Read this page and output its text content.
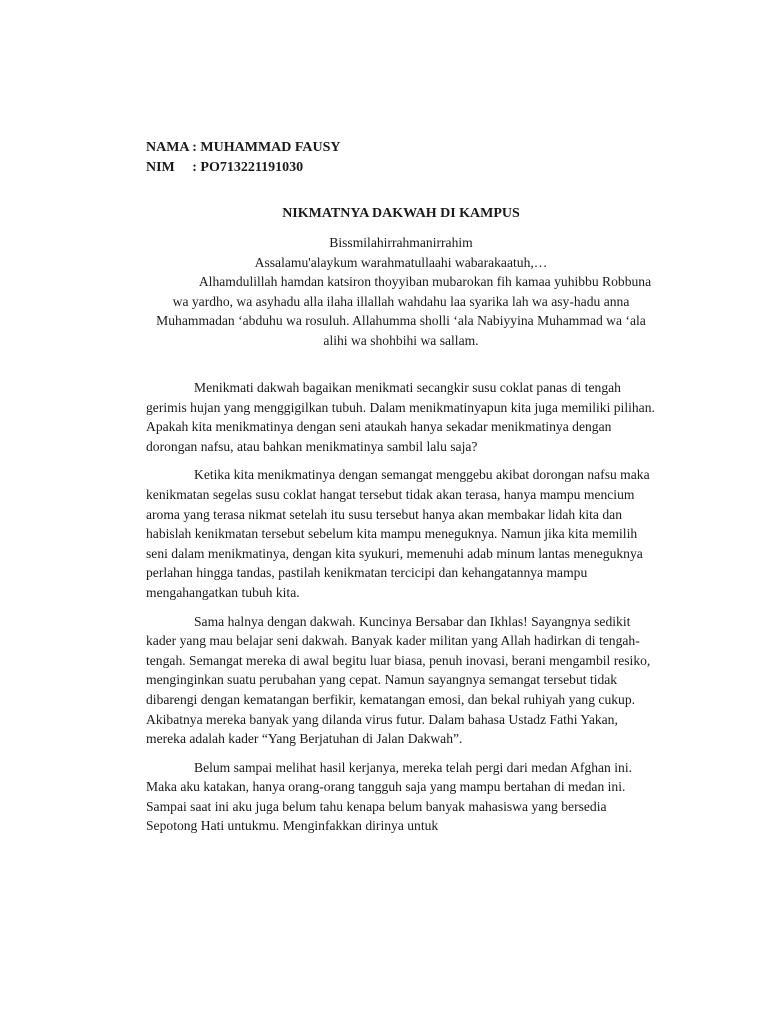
NAMA : MUHAMMAD FAUSY
NIM     : PO713221191030
NIKMATNYA DAKWAH DI KAMPUS
Bissmilahirrahmanirrahim
Assalamu'alaykum warahmatullaahi wabarakaatuh,…
Alhamdulillah hamdan katsiron thoyyiban mubarokan fih kamaa yuhibbu Robbuna wa yardho, wa asyhadu alla ilaha illallah wahdahu laa syarika lah wa asy-hadu anna Muhammadan ‘abduhu wa rosuluh. Allahumma sholli ‘ala Nabiyyina Muhammad wa ‘ala alihi wa shohbihi wa sallam.

Menikmati dakwah bagaikan menikmati secangkir susu coklat panas di tengah gerimis hujan yang menggigilkan tubuh. Dalam menikmatinyapun kita juga memiliki pilihan. Apakah kita menikmatinya dengan seni ataukah hanya sekadar menikmatinya dengan dorongan nafsu, atau bahkan menikmatinya sambil lalu saja?

Ketika kita menikmatinya dengan semangat menggebu akibat dorongan nafsu maka kenikmatan segelas susu coklat hangat tersebut tidak akan terasa, hanya mampu mencium aroma yang terasa nikmat setelah itu susu tersebut hanya akan membakar lidah kita dan habislah kenikmatan tersebut sebelum kita mampu meneguknya. Namun jika kita memilih seni dalam menikmatinya, dengan kita syukuri, memenuhi adab minum lantas meneguknya perlahan hingga tandas, pastilah kenikmatan tercicipi dan kehangatannya mampu mengahangatkan tubuh kita.

Sama halnya dengan dakwah. Kuncinya Bersabar dan Ikhlas! Sayangnya sedikit kader yang mau belajar seni dakwah. Banyak kader militan yang Allah hadirkan di tengah-tengah. Semangat mereka di awal begitu luar biasa, penuh inovasi, berani mengambil resiko, menginginkan suatu perubahan yang cepat. Namun sayangnya semangat tersebut tidak dibarengi dengan kematangan berfikir, kematangan emosi, dan bekal ruhiyah yang cukup. Akibatnya mereka banyak yang dilanda virus futur. Dalam bahasa Ustadz Fathi Yakan, mereka adalah kader “Yang Berjatuhan di Jalan Dakwah”.

Belum sampai melihat hasil kerjanya, mereka telah pergi dari medan Afghan ini. Maka aku katakan, hanya orang-orang tangguh saja yang mampu bertahan di medan ini. Sampai saat ini aku juga belum tahu kenapa belum banyak mahasiswa yang bersedia Sepotong Hati untukmu. Menginfakkan dirinya untuk
